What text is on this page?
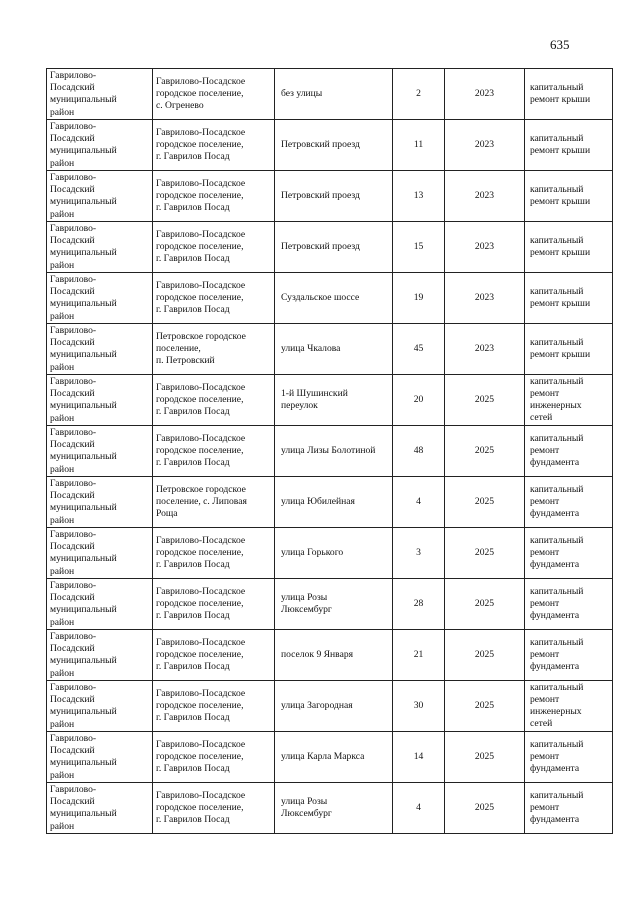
635
Гаврилово-
Посадский
муниципальный
район	Гаврилово-Посадское
городское поселение,
с. Огренево	без улицы	2	2023	капитальный
ремонт крыши

Гаврилово-
Посадский
муниципальный
район	Гаврилово-Посадское
городское поселение,
г. Гаврилов Посад	Петровский проезд	11	2023	капитальный
ремонт крыши

Гаврилово-
Посадский
муниципальный
район	Гаврилово-Посадское
городское поселение,
г. Гаврилов Посад	Петровский проезд	13	2023	капитальный
ремонт крыши

Гаврилово-
Посадский
муниципальный
район	Гаврилово-Посадское
городское поселение,
г. Гаврилов Посад	Петровский проезд	15	2023	капитальный
ремонт крыши

Гаврилово-
Посадский
муниципальный
район	Гаврилово-Посадское
городское поселение,
г. Гаврилов Посад	Суздальское шоссе	19	2023	капитальный
ремонт крыши

Гаврилово-
Посадский
муниципальный
район	Петровское городское
поселение,
п. Петровский	улица Чкалова	45	2023	капитальный
ремонт крыши

Гаврилово-
Посадский
муниципальный
район	Гаврилово-Посадское
городское поселение,
г. Гаврилов Посад	1-й Шушинский
переулок	20	2025	капитальный
ремонт
инженерных
сетей

Гаврилово-
Посадский
муниципальный
район	Гаврилово-Посадское
городское поселение,
г. Гаврилов Посад	улица Лизы Болотиной	48	2025	капитальный
ремонт
фундамента

Гаврилово-
Посадский
муниципальный
район	Петровское городское
поселение, с. Липовая
Роща	улица Юбилейная	4	2025	капитальный
ремонт
фундамента

Гаврилово-
Посадский
муниципальный
район	Гаврилово-Посадское
городское поселение,
г. Гаврилов Посад	улица Горького	3	2025	капитальный
ремонт
фундамента

Гаврилово-
Посадский
муниципальный
район	Гаврилово-Посадское
городское поселение,
г. Гаврилов Посад	улица Розы
Люксембург	28	2025	капитальный
ремонт
фундамента

Гаврилово-
Посадский
муниципальный
район	Гаврилово-Посадское
городское поселение,
г. Гаврилов Посад	поселок 9 Января	21	2025	капитальный
ремонт
фундамента

Гаврилово-
Посадский
муниципальный
район	Гаврилово-Посадское
городское поселение,
г. Гаврилов Посад	улица Загородная	30	2025	капитальный
ремонт
инженерных
сетей

Гаврилово-
Посадский
муниципальный
район	Гаврилово-Посадское
городское поселение,
г. Гаврилов Посад	улица Карла Маркса	14	2025	капитальный
ремонт
фундамента

Гаврилово-
Посадский
муниципальный
район	Гаврилово-Посадское
городское поселение,
г. Гаврилов Посад	улица Розы
Люксембург	4	2025	капитальный
ремонт
фундамента
